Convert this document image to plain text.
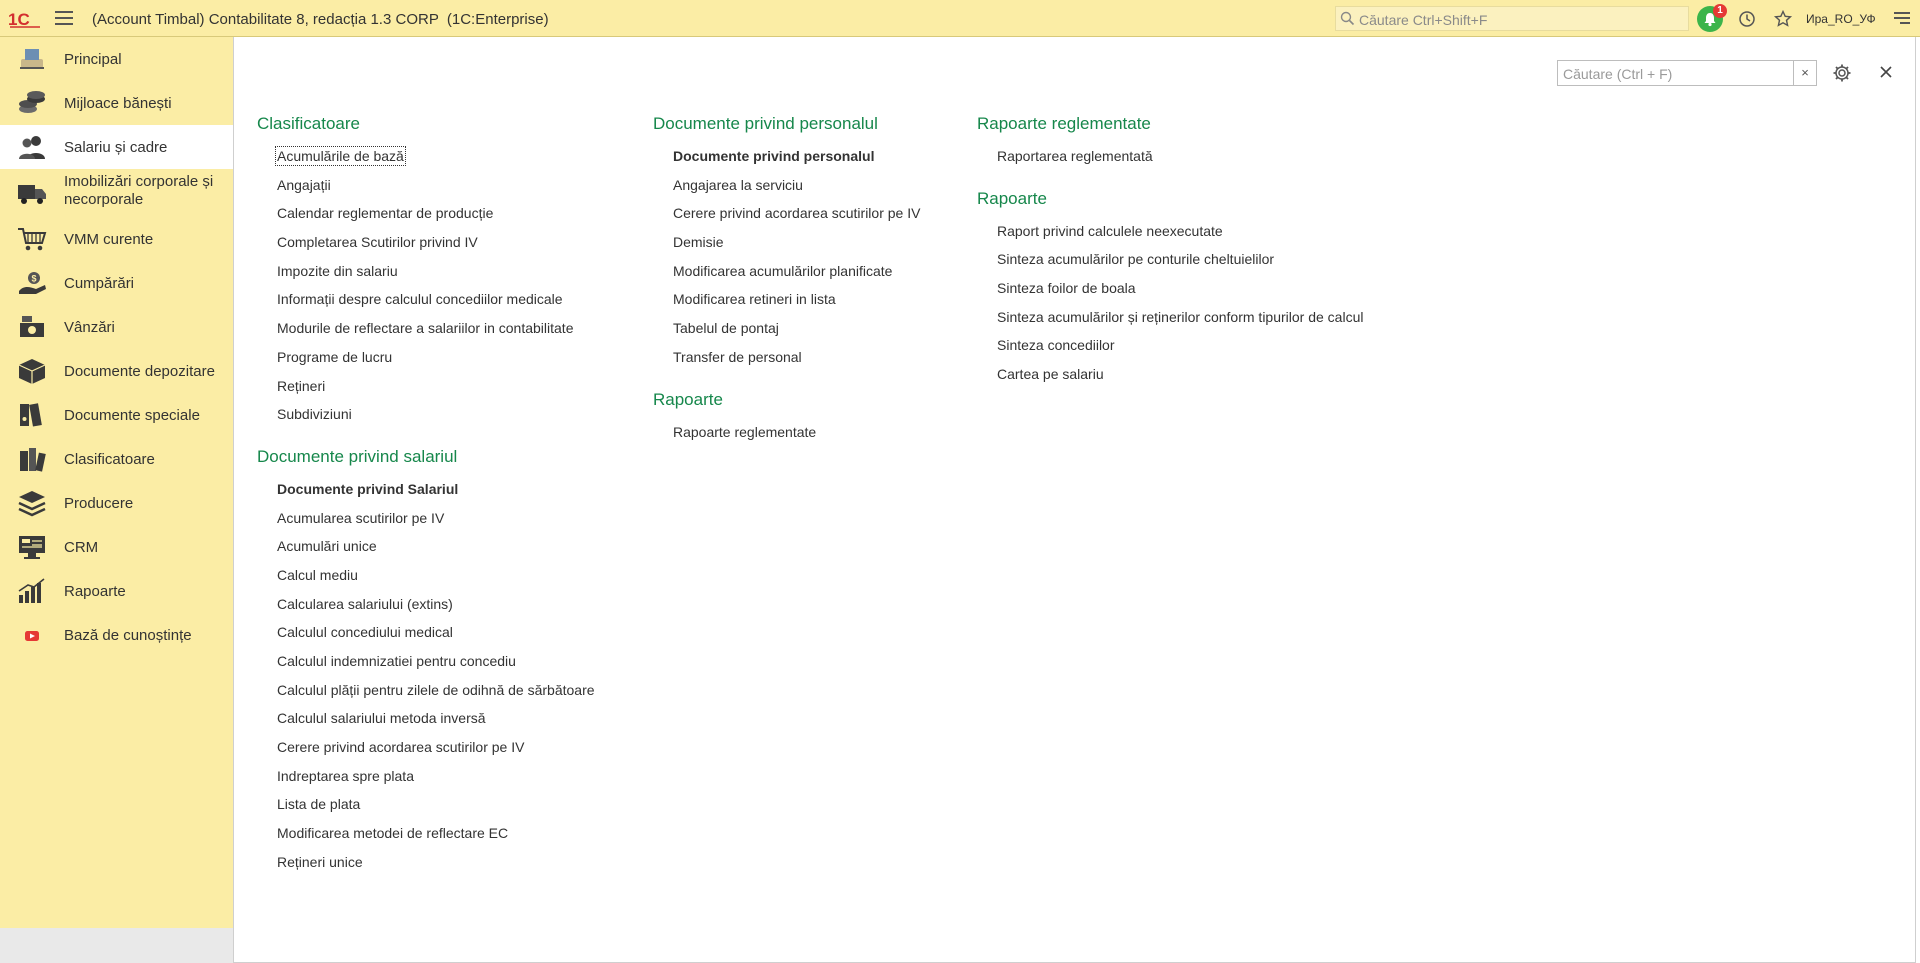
1C	(Account Timbal) Contabilitate 8, redacția 1.3 CORP  (1C:Enterprise)
Căutare Ctrl+Shift+F
1
Ира_RO_УФ
Principal
Mijloace bănești
Salariu și cadre
Imobilizări corporale și necorporale
VMM curente
$ Cumpărări
Vânzări
Documente depozitare
Documente speciale
Clasificatoare
Producere
CRM
Rapoarte
Bază de cunoștințe
Căutare (Ctrl + F)
×
Clasificatoare
Acumulările de bază
Angajații
Calendar reglementar de producție
Completarea Scutirilor privind IV
Impozite din salariu
Informații despre calculul concediilor medicale
Modurile de reflectare a salariilor in contabilitate
Programe de lucru
Rețineri
Subdiviziuni
Documente privind salariul
Documente privind Salariul
Acumularea scutirilor pe IV
Acumulări unice
Calcul mediu
Calcularea salariului (extins)
Calculul concediului medical
Calculul indemnizatiei pentru concediu
Calculul plății pentru zilele de odihnă de sărbătoare
Calculul salariului metoda inversă
Cerere privind acordarea scutirilor pe IV
Indreptarea spre plata
Lista de plata
Modificarea metodei de reflectare EC
Rețineri unice
Documente privind personalul
Documente privind personalul
Angajarea la serviciu
Cerere privind acordarea scutirilor pe IV
Demisie
Modificarea acumulărilor planificate
Modificarea retineri in lista
Tabelul de pontaj
Transfer de personal
Rapoarte
Rapoarte reglementate
Rapoarte reglementate
Raportarea reglementată
Rapoarte
Raport privind calculele neexecutate
Sinteza acumulărilor pe conturile cheltuielilor
Sinteza foilor de boala
Sinteza acumulărilor și reținerilor conform tipurilor de calcul
Sinteza concediilor
Cartea pe salariu
